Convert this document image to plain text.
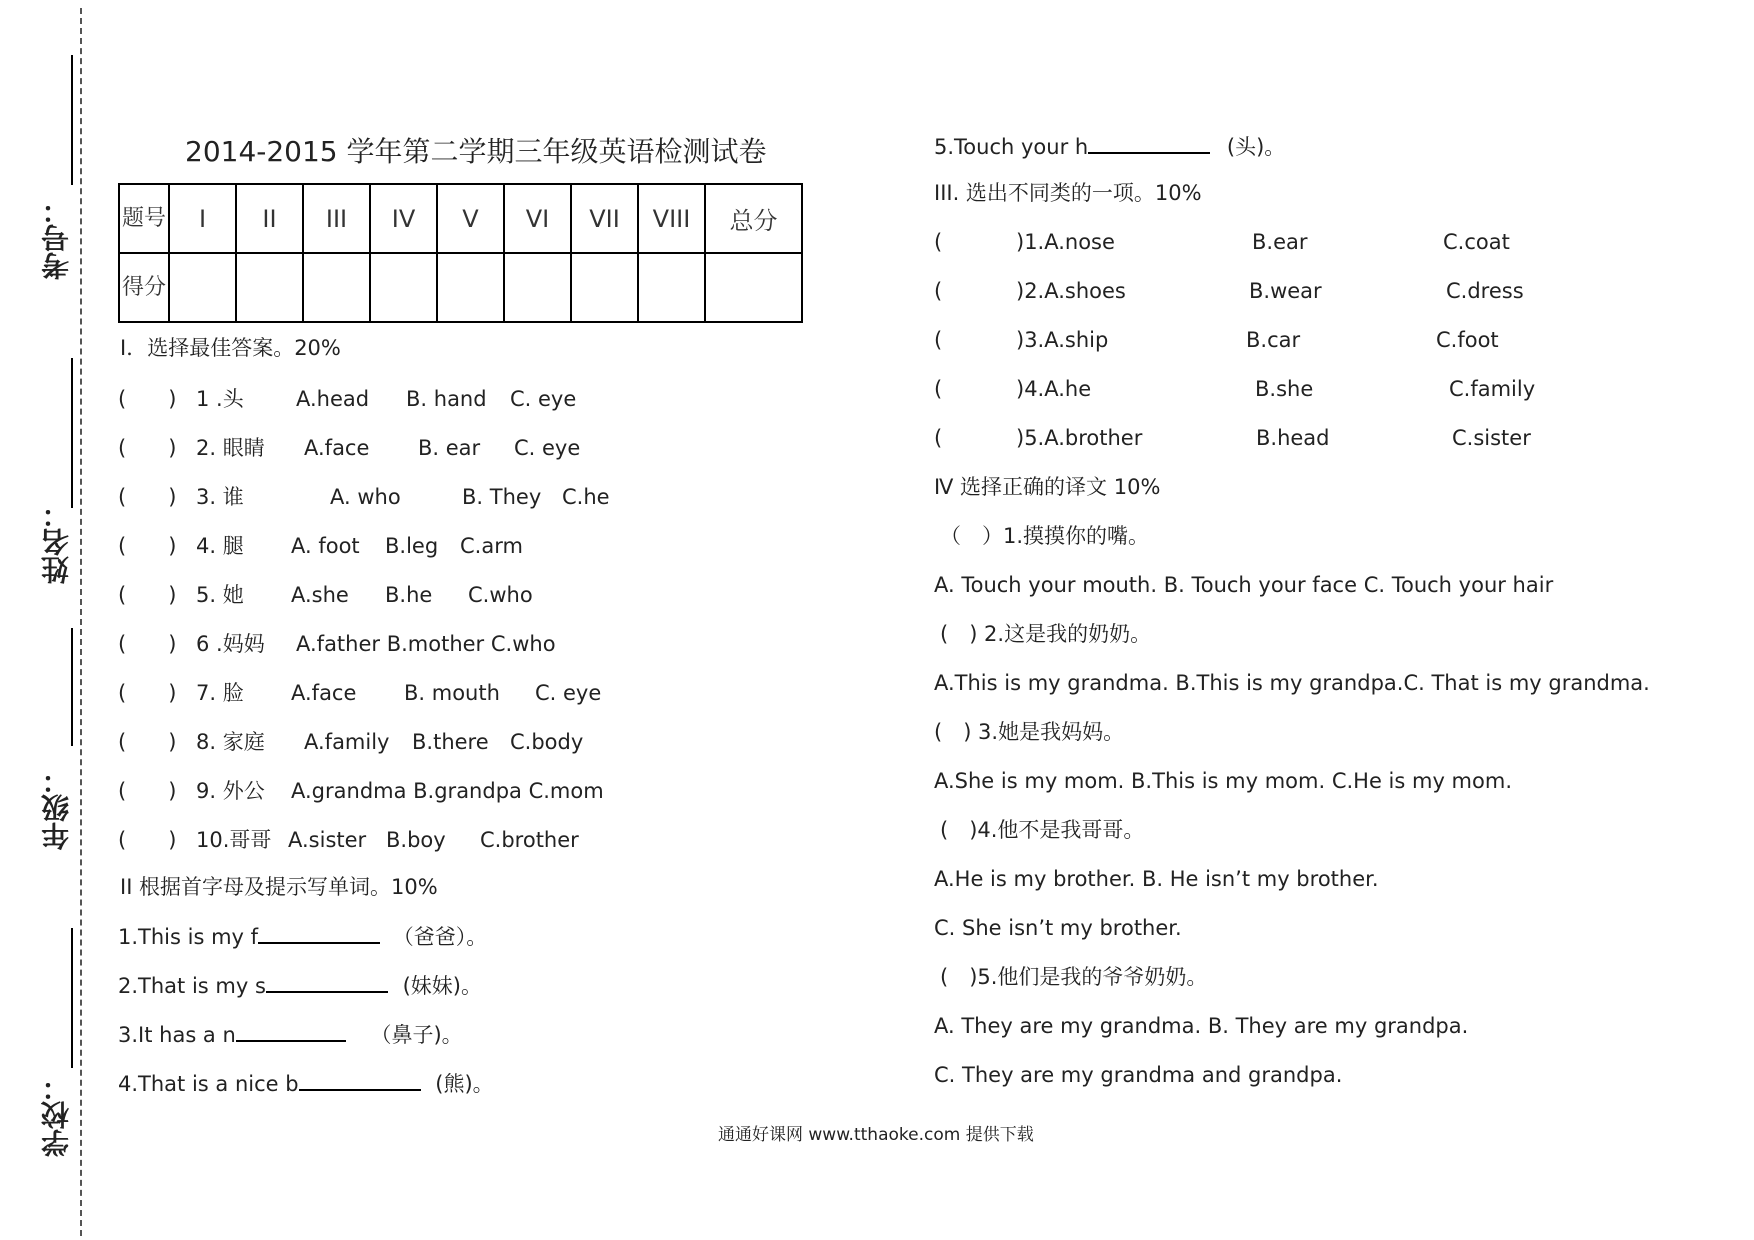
考号：
姓名：
年级：
学校：
2014-2015 学年第二学期三年级英语检测试卷
题号	I	II	III	IV	V	VI	VII	VIII	总分
得分									
Ⅰ．选择最佳答案。20%
(　　) 1 .头 A.head B. hand C. eye
(　　) 2. 眼睛 A.face B. ear C. eye
(　　) 3. 谁	A. who	B. They C.he
(　　) 4. 腿 A. foot B.leg C.arm
(　　) 5. 她 A.she B.he C.who
(　　) 6 .妈妈 A.father B.mother C.who
(　　) 7. 脸 A.face B. mouth C. eye
(　　) 8. 家庭 A.family B.there C.body
(　　) 9. 外公 A.grandma B.grandpa C.mom
(　　) 10.哥哥 A.sister B.boy C.brother
II 根据首字母及提示写单词。10%
1.This is my f	（爸爸）。
2.That is my s	(妹妹)。
3.It has a n	（鼻子)。
4.That is a nice b	(熊)。
5.Touch your h	(头)。
III. 选出不同类的一项。10%
(	)1.A.nose	B.ear	C.coat
(	)2.A.shoes	B.wear	C.dress
(	)3.A.ship	B.car	C.foot
(	)4.A.he	B.she	C.family
(	)5.A.brother	B.head	C.sister
Ⅳ 选择正确的译文 10%
（　）1.摸摸你的嘴。
A. Touch your mouth. B. Touch your face C. Touch your hair
(　) 2.这是我的奶奶。
A.This is my grandma. B.This is my grandpa.C. That is my grandma.
(　) 3.她是我妈妈。
A.She is my mom. B.This is my mom. C.He is my mom.
(　)4.他不是我哥哥。
A.He is my brother. B. He isn’t my brother.
C. She isn’t my brother.
(　)5.他们是我的爷爷奶奶。
A. They are my grandma. B. They are my grandpa.
C. They are my grandma and grandpa.
通通好课网 www.tthaoke.com 提供下载
